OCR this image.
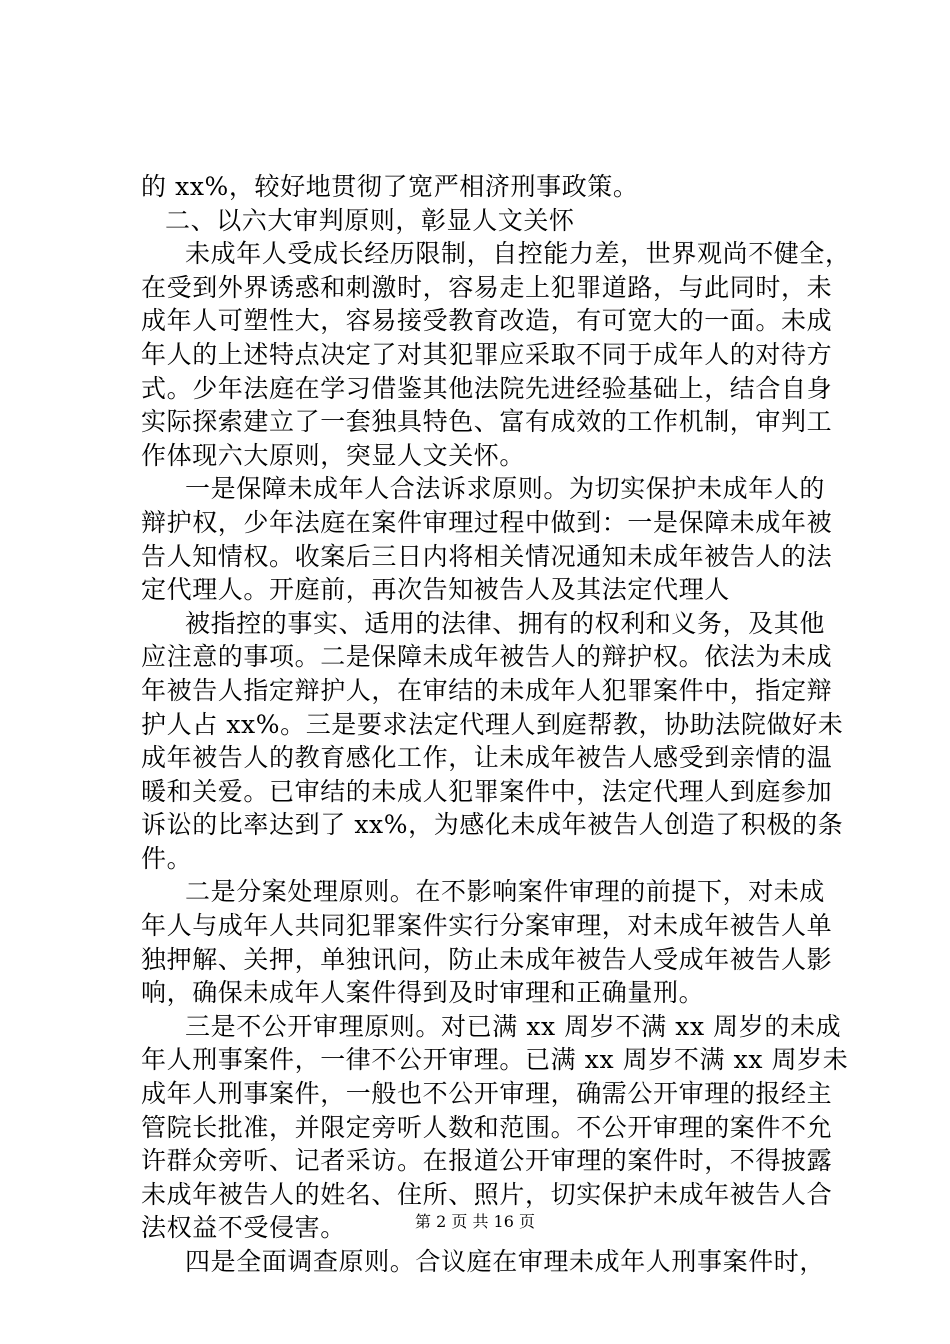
的 xx%，较好地贯彻了宽严相济刑事政策。
二、以六大审判原则，彰显人文关怀
未成年人受成长经历限制，自控能力差，世界观尚不健全，
在受到外界诱惑和刺激时，容易走上犯罪道路，与此同时，未
成年人可塑性大，容易接受教育改造，有可宽大的一面。未成
年人的上述特点决定了对其犯罪应采取不同于成年人的对待方
式。少年法庭在学习借鉴其他法院先进经验基础上，结合自身
实际探索建立了一套独具特色、富有成效的工作机制，审判工
作体现六大原则，突显人文关怀。
一是保障未成年人合法诉求原则。为切实保护未成年人的
辩护权，少年法庭在案件审理过程中做到：一是保障未成年被
告人知情权。收案后三日内将相关情况通知未成年被告人的法
定代理人。开庭前，再次告知被告人及其法定代理人
被指控的事实、适用的法律、拥有的权利和义务，及其他
应注意的事项。二是保障未成年被告人的辩护权。依法为未成
年被告人指定辩护人，在审结的未成年人犯罪案件中，指定辩
护人占 xx%。三是要求法定代理人到庭帮教，协助法院做好未
成年被告人的教育感化工作，让未成年被告人感受到亲情的温
暖和关爱。已审结的未成人犯罪案件中，法定代理人到庭参加
诉讼的比率达到了 xx%，为感化未成年被告人创造了积极的条
件。
二是分案处理原则。在不影响案件审理的前提下，对未成
年人与成年人共同犯罪案件实行分案审理，对未成年被告人单
独押解、关押，单独讯问，防止未成年被告人受成年被告人影
响，确保未成年人案件得到及时审理和正确量刑。
三是不公开审理原则。对已满 xx 周岁不满 xx 周岁的未成
年人刑事案件，一律不公开审理。已满 xx 周岁不满 xx 周岁未
成年人刑事案件，一般也不公开审理，确需公开审理的报经主
管院长批准，并限定旁听人数和范围。不公开审理的案件不允
许群众旁听、记者采访。在报道公开审理的案件时，不得披露
未成年被告人的姓名、住所、照片，切实保护未成年被告人合
法权益不受侵害。
四是全面调查原则。合议庭在审理未成年人刑事案件时，
第 2 页 共 16 页
